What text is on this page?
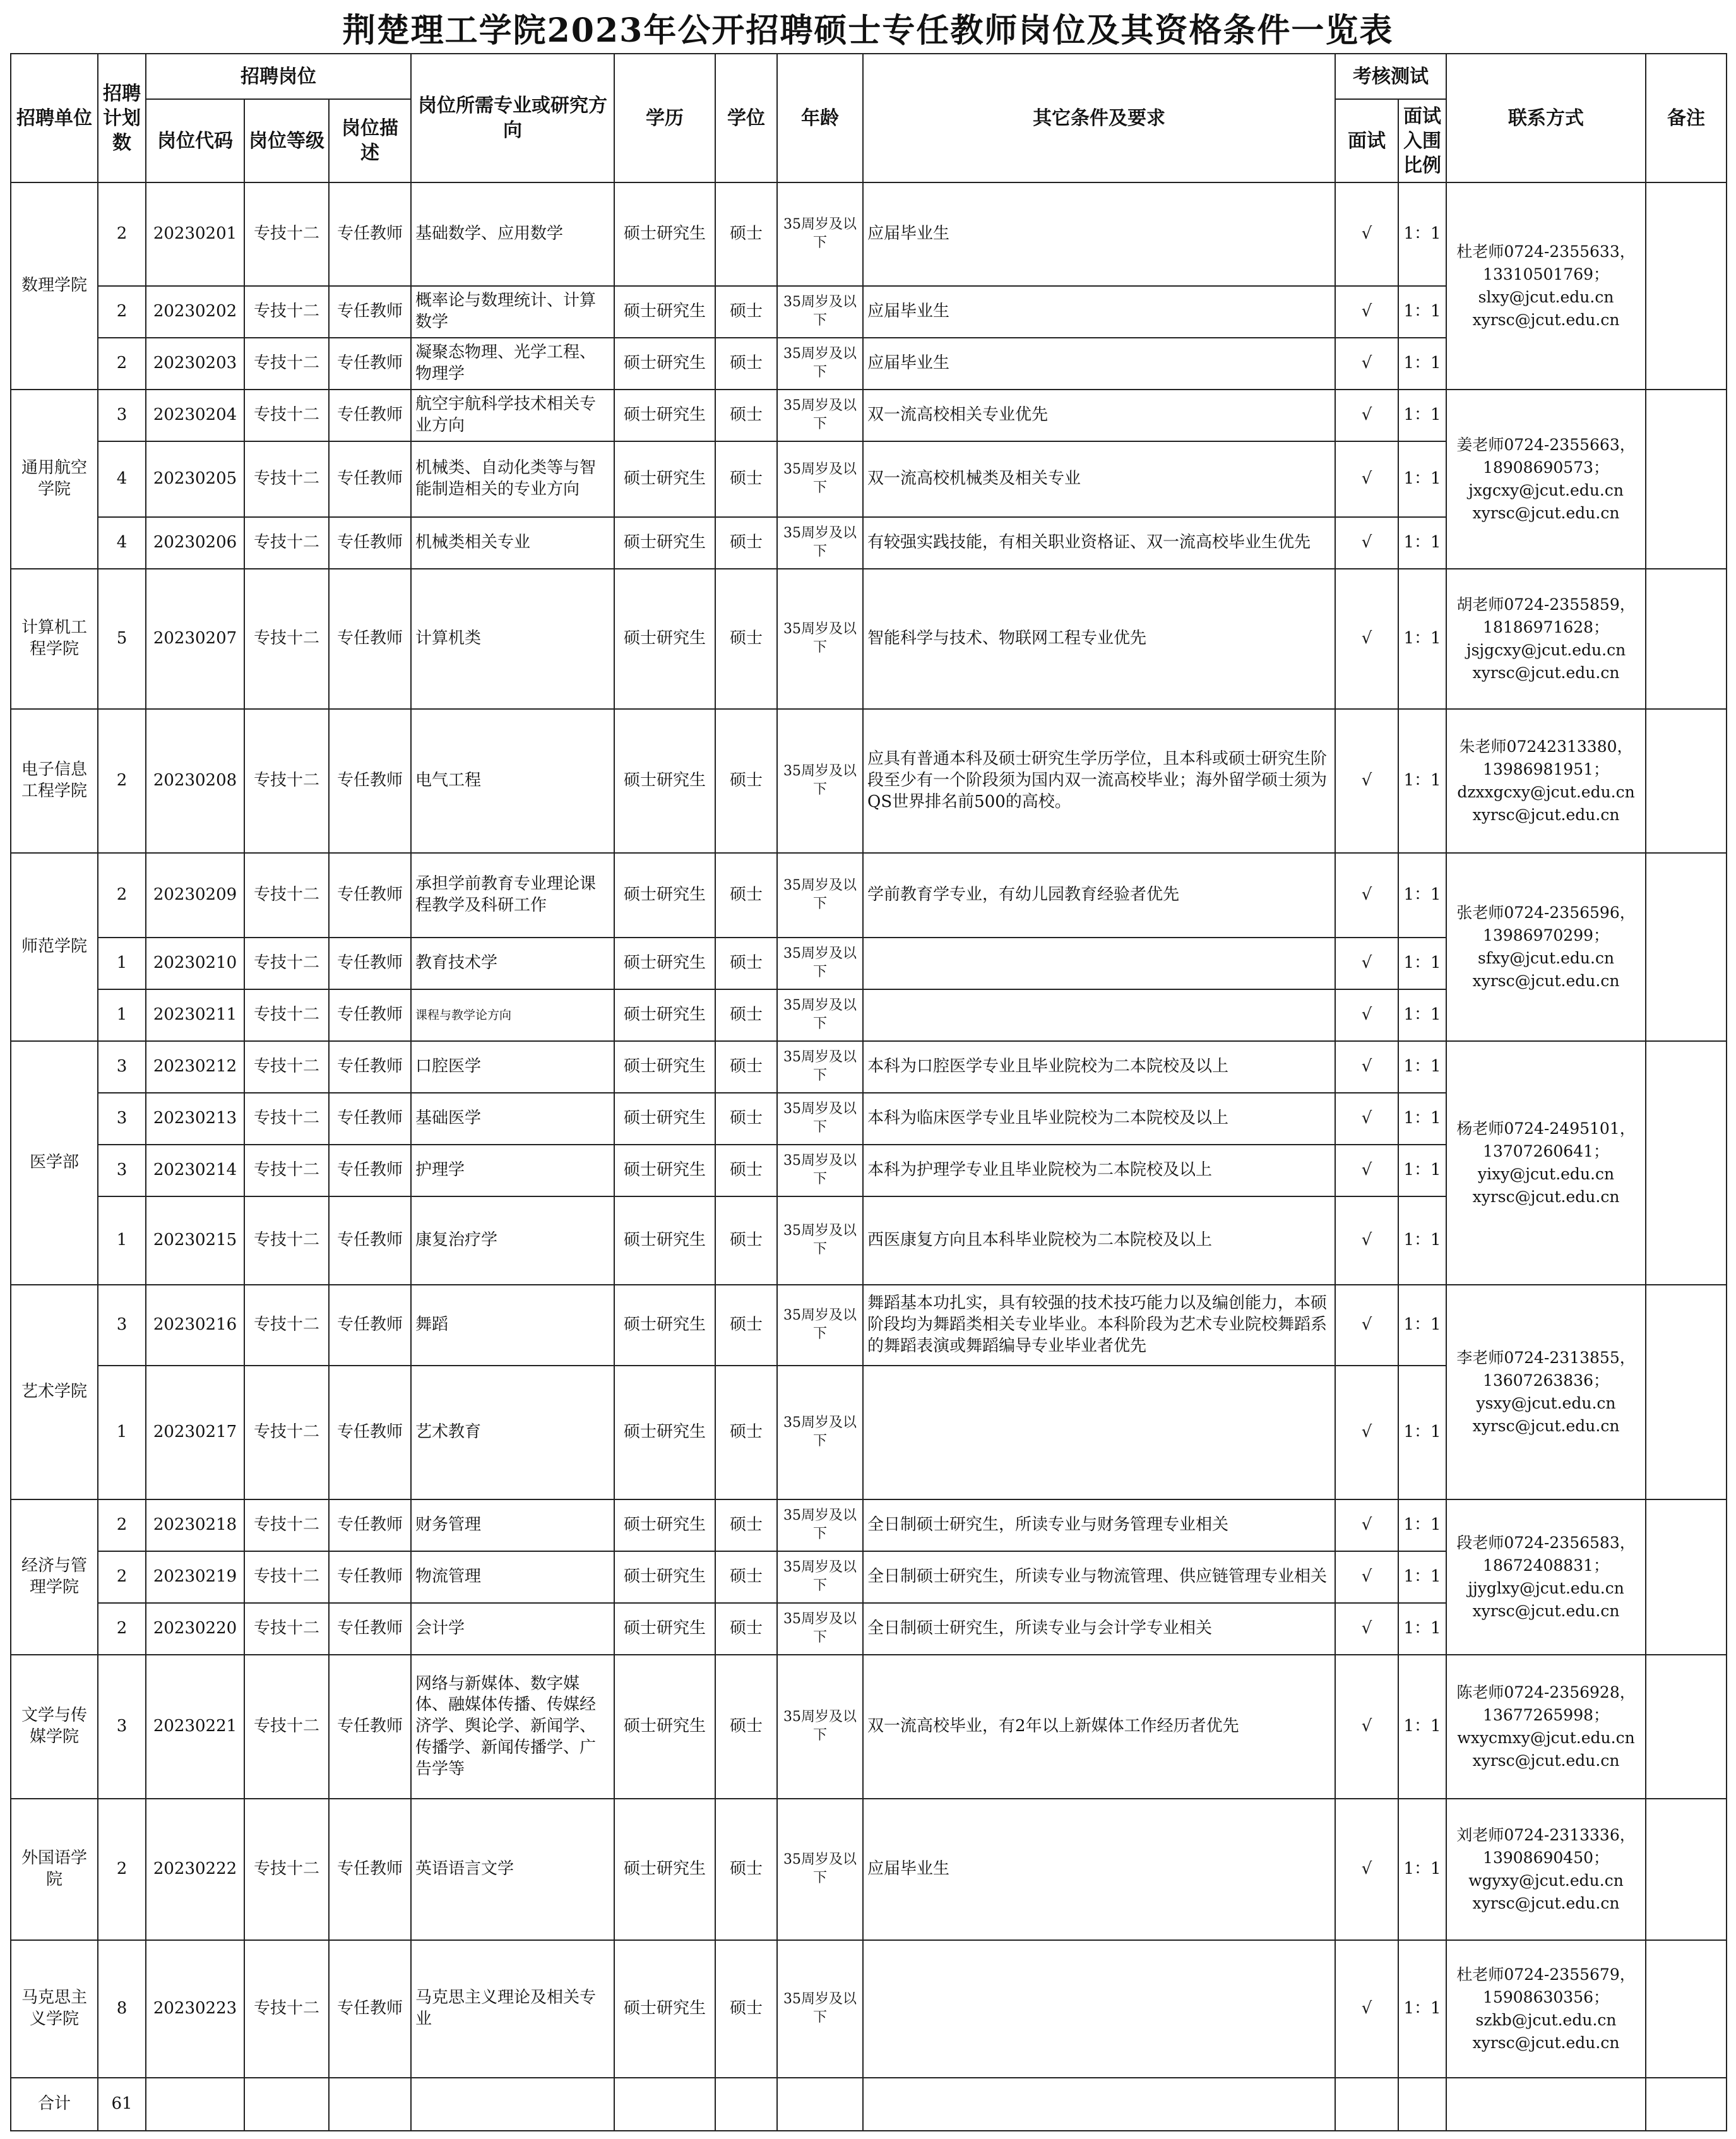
荆楚理工学院2023年公开招聘硕士专任教师岗位及其资格条件一览表
招聘单位	招聘计划数	招聘岗位			岗位所需专业或研究方向	学历	学位	年龄	其它条件及要求	考核测试		联系方式	备注
		岗位代码	岗位等级	岗位描述						面试	面试入围比例		
数理学院	2	20230201	专技十二	专任教师	基础数学、应用数学	硕士研究生	硕士	35周岁及以下	应届毕业生	√	1：1	杜老师0724-2355633，
13310501769；
slxy@jcut.edu.cn
xyrsc@jcut.edu.cn	

	2	20230202	专技十二	专任教师	概率论与数理统计、计算数学	硕士研究生	硕士	35周岁及以下	应届毕业生	√	1：1		
	2	20230203	专技十二	专任教师	凝聚态物理、光学工程、物理学	硕士研究生	硕士	35周岁及以下	应届毕业生	√	1：1		
通用航空学院	3	20230204	专技十二	专任教师	航空宇航科学技术相关专业方向	硕士研究生	硕士	35周岁及以下	双一流高校相关专业优先	√	1：1	姜老师0724-2355663，
18908690573；
jxgcxy@jcut.edu.cn
xyrsc@jcut.edu.cn	

	4	20230205	专技十二	专任教师	机械类、自动化类等与智能制造相关的专业方向	硕士研究生	硕士	35周岁及以下	双一流高校机械类及相关专业	√	1：1		
	4	20230206	专技十二	专任教师	机械类相关专业	硕士研究生	硕士	35周岁及以下	有较强实践技能，有相关职业资格证、双一流高校毕业生优先	√	1：1		
计算机工程学院	5	20230207	专技十二	专任教师	计算机类	硕士研究生	硕士	35周岁及以下	智能科学与技术、物联网工程专业优先	√	1：1	胡老师0724-2355859，
18186971628；
jsjgcxy@jcut.edu.cn
xyrsc@jcut.edu.cn	

电子信息工程学院	2	20230208	专技十二	专任教师	电气工程	硕士研究生	硕士	35周岁及以下	应具有普通本科及硕士研究生学历学位，且本科或硕士研究生阶段至少有一个阶段须为国内双一流高校毕业；海外留学硕士须为QS世界排名前500的高校。	√	1：1	朱老师07242313380，
13986981951；
dzxxgcxy@jcut.edu.cn
xyrsc@jcut.edu.cn	

师范学院	2	20230209	专技十二	专任教师	承担学前教育专业理论课程教学及科研工作	硕士研究生	硕士	35周岁及以下	学前教育学专业，有幼儿园教育经验者优先	√	1：1	张老师0724-2356596，
13986970299；
sfxy@jcut.edu.cn
xyrsc@jcut.edu.cn	

	1	20230210	专技十二	专任教师	教育技术学	硕士研究生	硕士	35周岁及以下		√	1：1		
	1	20230211	专技十二	专任教师	课程与教学论方向	硕士研究生	硕士	35周岁及以下		√	1：1		
医学部	3	20230212	专技十二	专任教师	口腔医学	硕士研究生	硕士	35周岁及以下	本科为口腔医学专业且毕业院校为二本院校及以上	√	1：1	杨老师0724-2495101，
13707260641；
yixy@jcut.edu.cn
xyrsc@jcut.edu.cn	

	3	20230213	专技十二	专任教师	基础医学	硕士研究生	硕士	35周岁及以下	本科为临床医学专业且毕业院校为二本院校及以上	√	1：1		
	3	20230214	专技十二	专任教师	护理学	硕士研究生	硕士	35周岁及以下	本科为护理学专业且毕业院校为二本院校及以上	√	1：1		
	1	20230215	专技十二	专任教师	康复治疗学	硕士研究生	硕士	35周岁及以下	西医康复方向且本科毕业院校为二本院校及以上	√	1：1		
艺术学院	3	20230216	专技十二	专任教师	舞蹈	硕士研究生	硕士	35周岁及以下	舞蹈基本功扎实，具有较强的技术技巧能力以及编创能力，本硕阶段均为舞蹈类相关专业毕业。本科阶段为艺术专业院校舞蹈系的舞蹈表演或舞蹈编导专业毕业者优先	√	1：1	李老师0724-2313855，
13607263836；
ysxy@jcut.edu.cn
xyrsc@jcut.edu.cn	

	1	20230217	专技十二	专任教师	艺术教育	硕士研究生	硕士	35周岁及以下		√	1：1		
经济与管理学院	2	20230218	专技十二	专任教师	财务管理	硕士研究生	硕士	35周岁及以下	全日制硕士研究生，所读专业与财务管理专业相关	√	1：1	段老师0724-2356583，
18672408831；
jjyglxy@jcut.edu.cn
xyrsc@jcut.edu.cn	

	2	20230219	专技十二	专任教师	物流管理	硕士研究生	硕士	35周岁及以下	全日制硕士研究生，所读专业与物流管理、供应链管理专业相关	√	1：1		
	2	20230220	专技十二	专任教师	会计学	硕士研究生	硕士	35周岁及以下	全日制硕士研究生，所读专业与会计学专业相关	√	1：1		
文学与传媒学院	3	20230221	专技十二	专任教师	网络与新媒体、数字媒体、融媒体传播、传媒经济学、舆论学、新闻学、传播学、新闻传播学、广告学等	硕士研究生	硕士	35周岁及以下	双一流高校毕业，有2年以上新媒体工作经历者优先	√	1：1	陈老师0724-2356928，
13677265998；
wxycmxy@jcut.edu.cn
xyrsc@jcut.edu.cn	

外国语学院	2	20230222	专技十二	专任教师	英语语言文学	硕士研究生	硕士	35周岁及以下	应届毕业生	√	1：1	刘老师0724-2313336，
13908690450；
wgyxy@jcut.edu.cn
xyrsc@jcut.edu.cn	

马克思主义学院	8	20230223	专技十二	专任教师	马克思主义理论及相关专业	硕士研究生	硕士	35周岁及以下		√	1：1	杜老师0724-2355679，
15908630356；
szkb@jcut.edu.cn
xyrsc@jcut.edu.cn	

合计	61												
